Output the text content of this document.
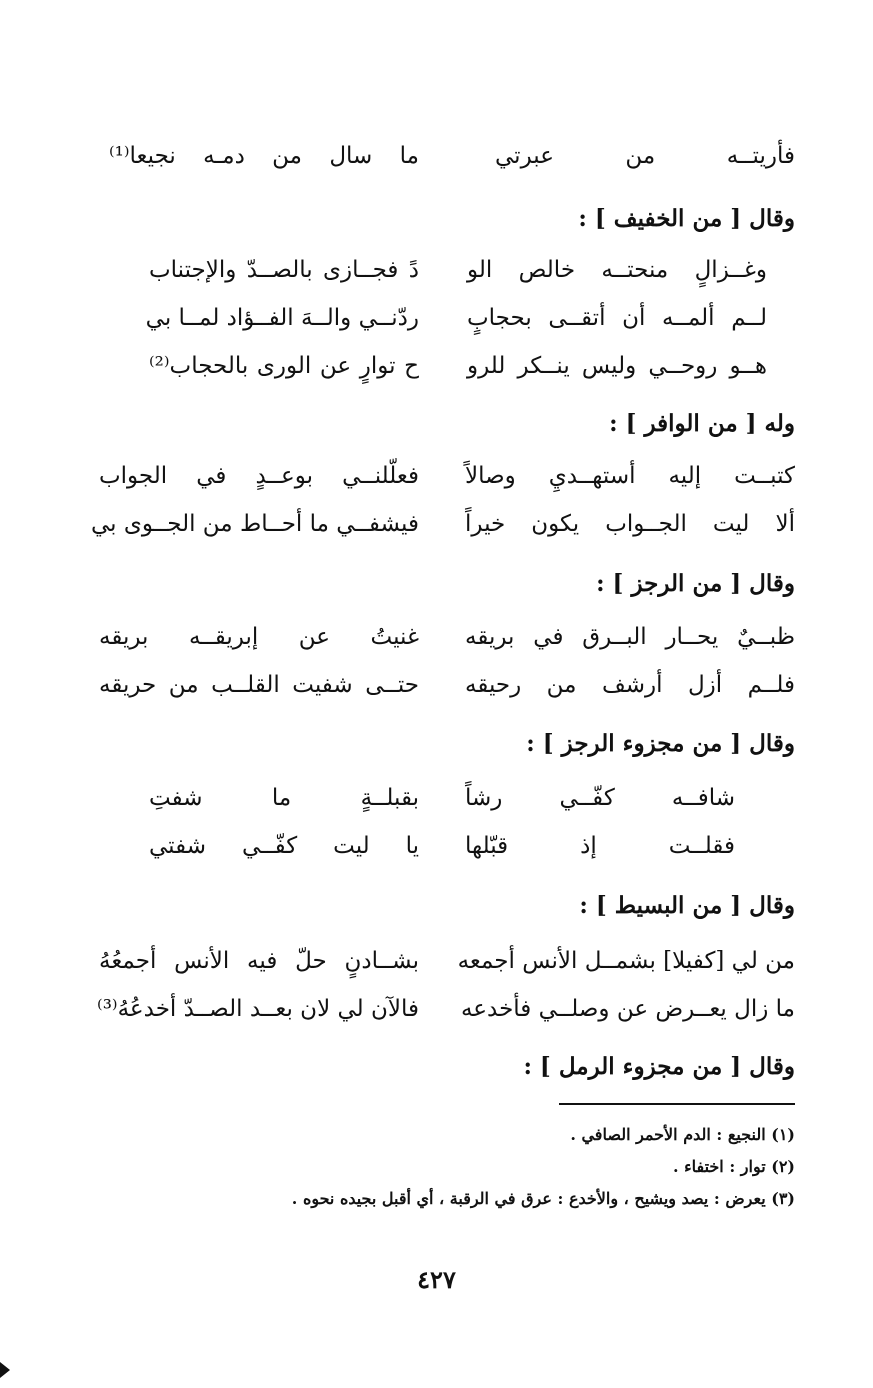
فأريتــه من عبرتي
ما سال من دمـه نجيعا⁽¹⁾
وقال [ من الخفيف ] :
وغــزالٍ منحتــه خالص الو
دً فجــازى بالصــدّ والإجتناب
لــم ألمــه أن أتقــى بحجابٍ
ردّنــي والــهَ الفــؤاد لمــا بي
هــو روحــي وليس ينــكر للرو
ح توارٍ عن الورى بالحجاب⁽²⁾
وله [ من الوافر ] :
كتبــت إليه أستهــديِ وصالاً
فعلّلنــي بوعــدٍ في الجواب
ألا ليت الجــواب يكون خيراً
فيشفــي ما أحــاط من الجــوى بي
وقال [ من الرجز ] :
ظبــيٌ يحــار البــرق في بريقه
غنيتُ عن إبريقــه بريقه
فلــم أزل أرشف من رحيقه
حتــى شفيت القلــب من حريقه
وقال [ من مجزوء الرجز ] :
شافــه كفّــي رشاً
بقبلــةٍ ما شفتِ
فقلــت إذ قبّلها
يا ليت كفّــي شفتي
وقال [ من البسيط ] :
من لي [كفيلا] بشمــل الأنس أجمعه
بشــادنٍ حلّ فيه الأنس أجمعُهُ
ما زال يعــرض عن وصلــي فأخدعه
فالآن لي لان بعــد الصــدّ أخدعُهُ⁽³⁾
وقال [ من مجزوء الرمل ] :
(١) النجيع : الدم الأحمر الصافي .
(٢) توار : اختفاء .
(٣) يعرض : يصد ويشيح ، والأخدع : عرق في الرقبة ، أي أقبل بجيده نحوه .
٤٢٧
